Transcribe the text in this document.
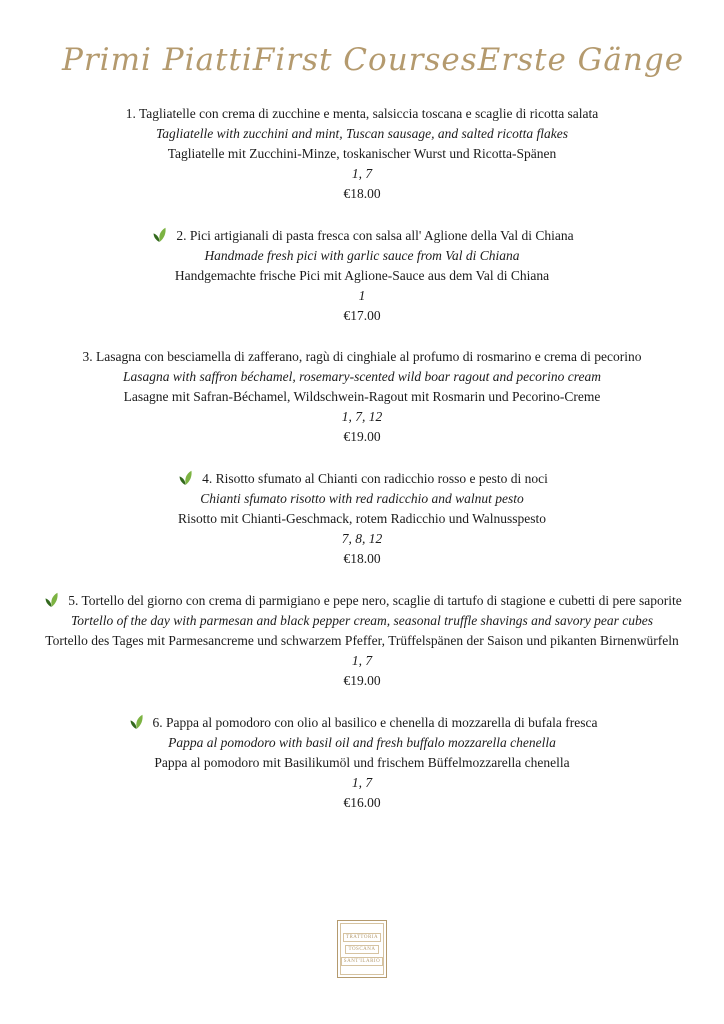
Primi Piatti First Courses Erste Gänge
1. Tagliatelle con crema di zucchine e menta, salsiccia toscana e scaglie di ricotta salata
Tagliatelle with zucchini and mint, Tuscan sausage, and salted ricotta flakes
Tagliatelle mit Zucchini-Minze, toskanischer Wurst und Ricotta-Spänen
1, 7
€18.00
2. Pici artigianali di pasta fresca con salsa all' Aglione della Val di Chiana
Handmade fresh pici with garlic sauce from Val di Chiana
Handgemachte frische Pici mit Aglione-Sauce aus dem Val di Chiana
1
€17.00
3. Lasagna con besciamella di zafferano, ragù di cinghiale al profumo di rosmarino e crema di pecorino
Lasagna with saffron béchamel, rosemary-scented wild boar ragout and pecorino cream
Lasagne mit Safran-Béchamel, Wildschwein-Ragout mit Rosmarin und Pecorino-Creme
1, 7, 12
€19.00
4. Risotto sfumato al Chianti con radicchio rosso e pesto di noci
Chianti sfumato risotto with red radicchio and walnut pesto
Risotto mit Chianti-Geschmack, rotem Radicchio und Walnusspesto
7, 8, 12
€18.00
5. Tortello del giorno con crema di parmigiano e pepe nero, scaglie di tartufo di stagione e cubetti di pere saporite
Tortello of the day with parmesan and black pepper cream, seasonal truffle shavings and savory pear cubes
Tortello des Tages mit Parmesancreme und schwarzem Pfeffer, Trüffelspänen der Saison und pikanten Birnenwürfeln
1, 7
€19.00
6. Pappa al pomodoro con olio al basilico e chenella di mozzarella di bufala fresca
Pappa al pomodoro with basil oil and fresh buffalo mozzarella chenella
Pappa al pomodoro mit Basilikumöl und frischem Büffelmozzarella chenella
1, 7
€16.00
TRATTORIA
TOSCANA
SANT'ILARIO
